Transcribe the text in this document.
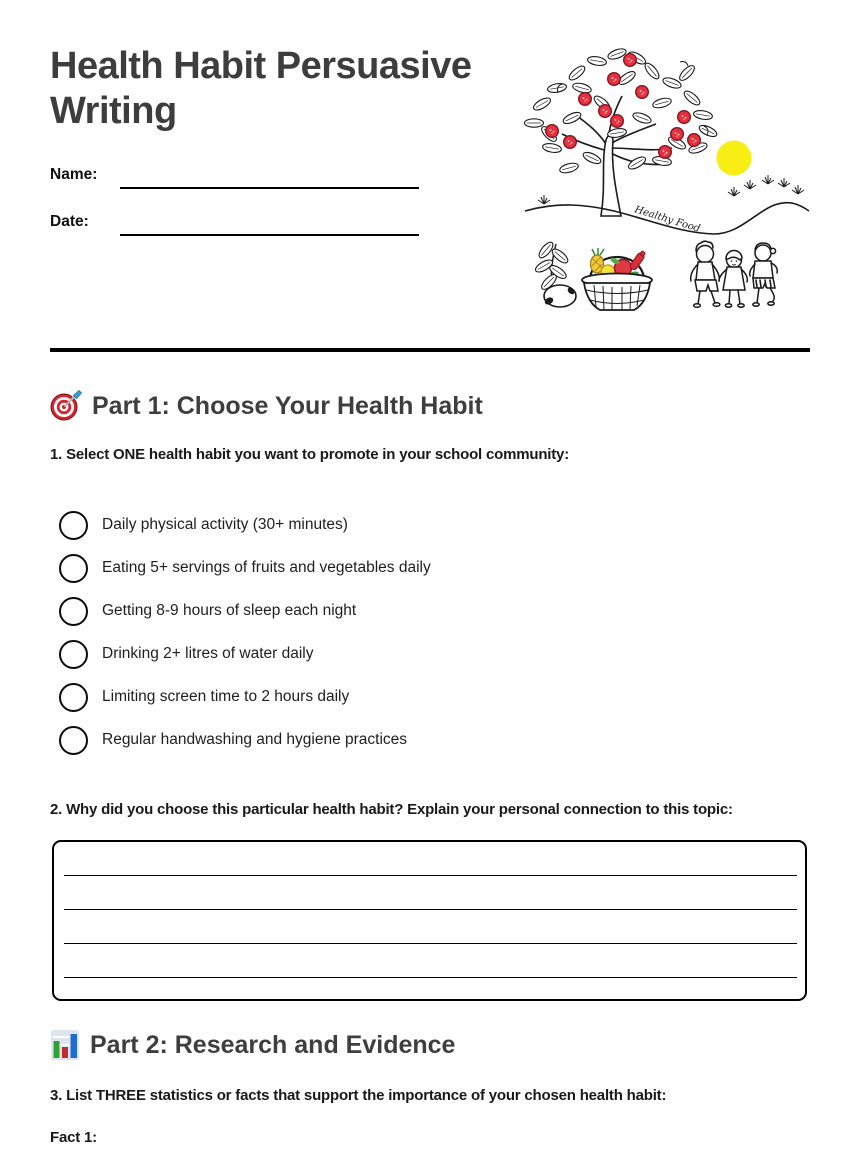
Health Habit Persuasive Writing
Name:
Date:	Healthy Food
Part 1: Choose Your Health Habit
1. Select ONE health habit you want to promote in your school community:
Daily physical activity (30+ minutes)
Eating 5+ servings of fruits and vegetables daily
Getting 8-9 hours of sleep each night
Drinking 2+ litres of water daily
Limiting screen time to 2 hours daily
Regular handwashing and hygiene practices
2. Why did you choose this particular health habit? Explain your personal connection to this topic:
Part 2: Research and Evidence
3. List THREE statistics or facts that support the importance of your chosen health habit:
Fact 1:
